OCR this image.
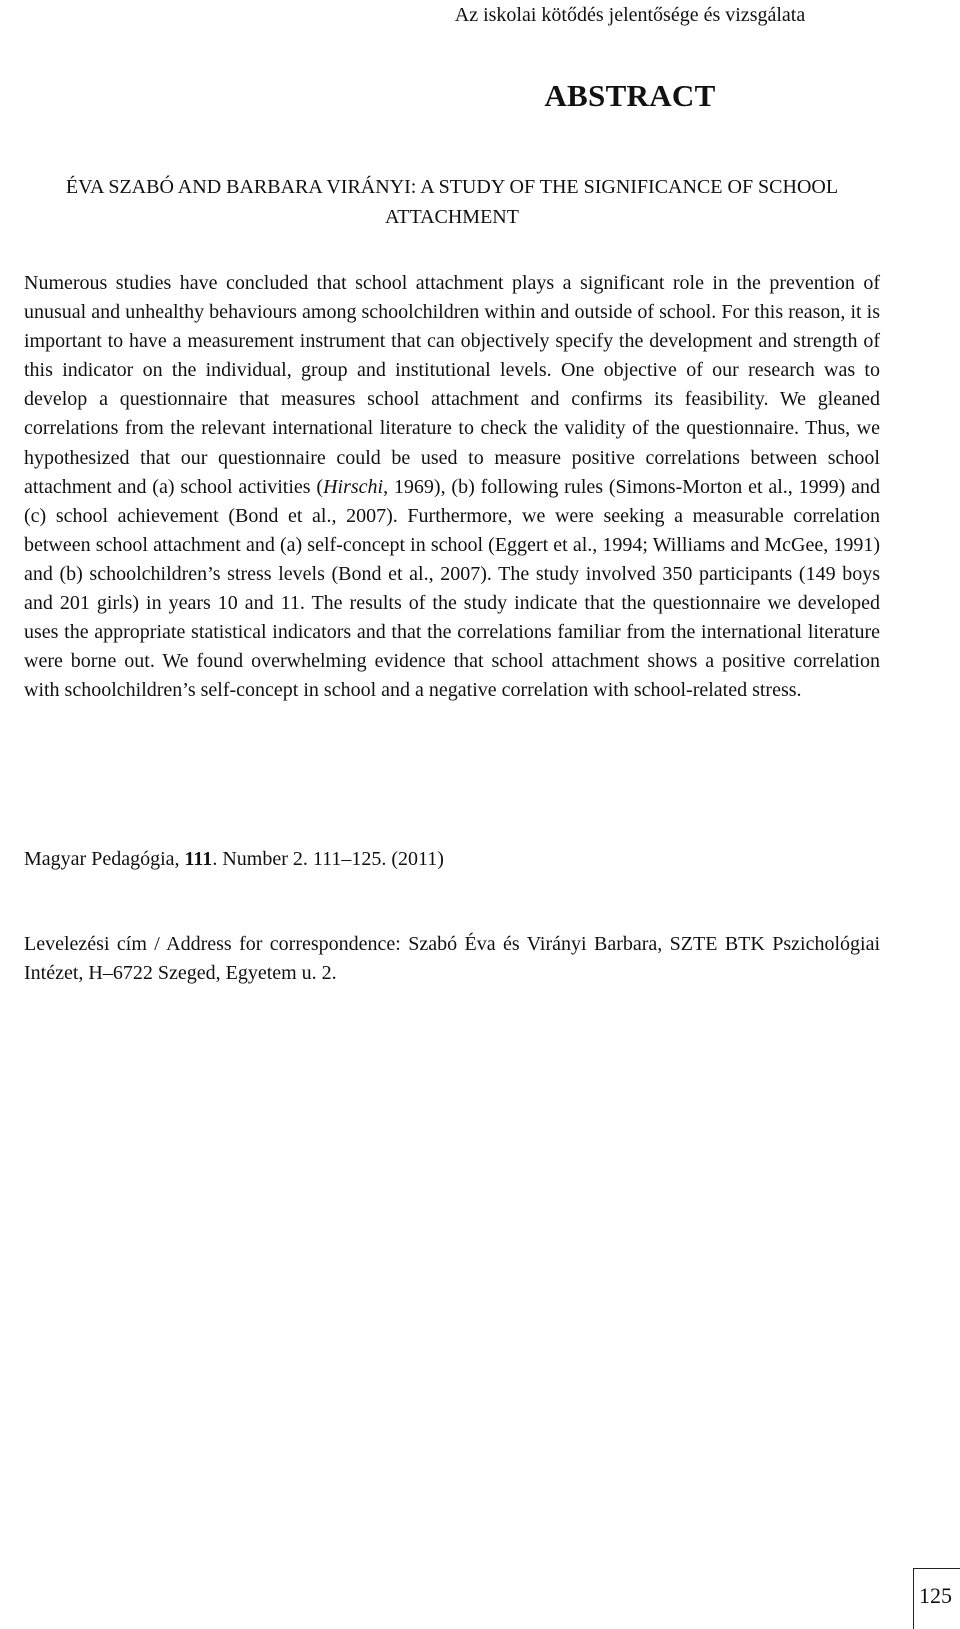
Az iskolai kötődés jelentősége és vizsgálata
ABSTRACT
ÉVA SZABÓ AND BARBARA VIRÁNYI: A STUDY OF THE SIGNIFICANCE OF SCHOOL ATTACHMENT

Numerous studies have concluded that school attachment plays a significant role in the prevention of unusual and unhealthy behaviours among schoolchildren within and outside of school. For this reason, it is important to have a measurement instrument that can objectively specify the development and strength of this indicator on the individual, group and institutional levels. One objective of our research was to develop a questionnaire that measures school attachment and confirms its feasibility. We gleaned correlations from the relevant international literature to check the validity of the questionnaire. Thus, we hypothesized that our questionnaire could be used to measure positive correlations between school attachment and (a) school activities (Hirschi, 1969), (b) following rules (Simons-Morton et al., 1999) and (c) school achievement (Bond et al., 2007). Furthermore, we were seeking a measurable correlation between school attachment and (a) self-concept in school (Eggert et al., 1994; Williams and McGee, 1991) and (b) schoolchildren’s stress levels (Bond et al., 2007). The study involved 350 participants (149 boys and 201 girls) in years 10 and 11. The results of the study indicate that the questionnaire we developed uses the appropriate statistical indicators and that the correlations familiar from the international literature were borne out. We found overwhelming evidence that school attachment shows a positive correlation with schoolchildren’s self-concept in school and a negative correlation with school-related stress.

Magyar Pedagógia, 111. Number 2. 111–125. (2011)

Levelezési cím / Address for correspondence: Szabó Éva és Virányi Barbara, SZTE BTK Pszichológiai Intézet, H–6722 Szeged, Egyetem u. 2.

125
